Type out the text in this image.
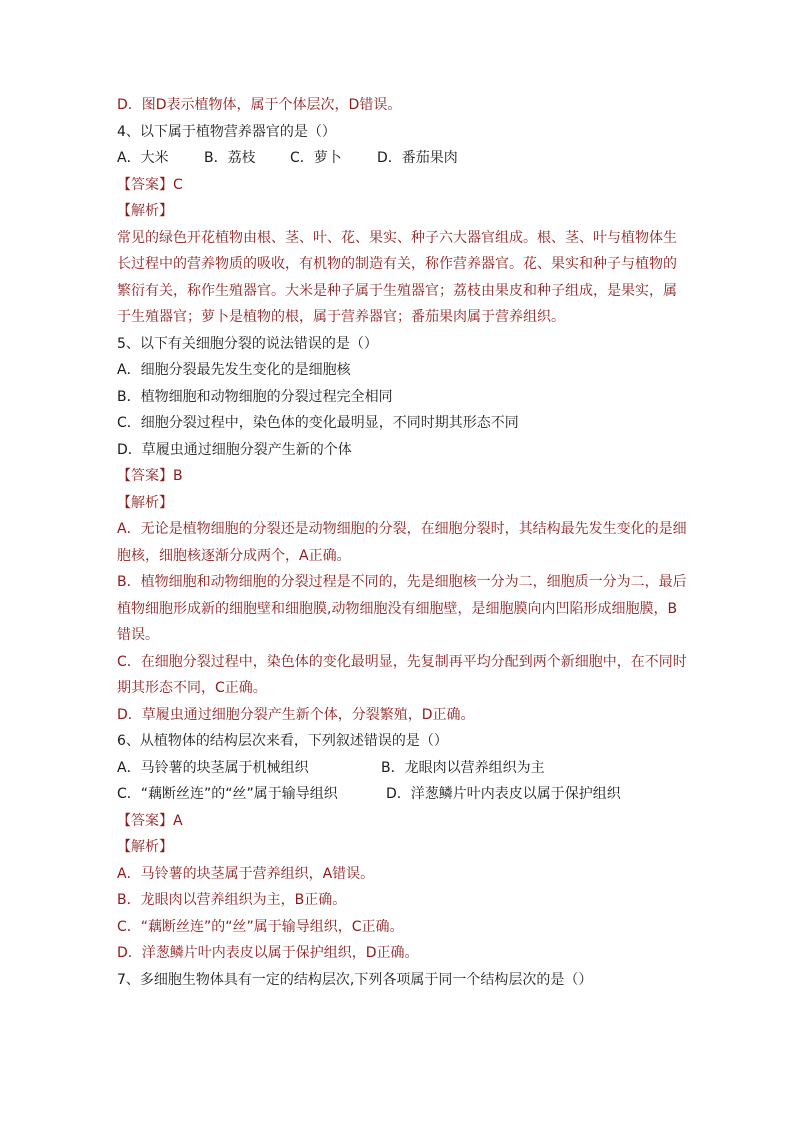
D．图D表示植物体，属于个体层次，D错误。
4、以下属于植物营养器官的是（）
A．大米	B．荔枝 C．萝卜	D．番茄果肉
【答案】C
【解析】
常见的绿色开花植物由根、茎、叶、花、果实、种子六大器官组成。根、茎、叶与植物体生长过程中的营养物质的吸收，有机物的制造有关，称作营养器官。花、果实和种子与植物的繁衍有关，称作生殖器官。大米是种子属于生殖器官；荔枝由果皮和种子组成，是果实，属于生殖器官；萝卜是植物的根，属于营养器官；番茄果肉属于营养组织。
5、以下有关细胞分裂的说法错误的是（）
A．细胞分裂最先发生变化的是细胞核
B．植物细胞和动物细胞的分裂过程完全相同
C．细胞分裂过程中，染色体的变化最明显，不同时期其形态不同
D．草履虫通过细胞分裂产生新的个体
【答案】B
【解析】
A．无论是植物细胞的分裂还是动物细胞的分裂，在细胞分裂时，其结构最先发生变化的是细胞核，细胞核逐渐分成两个，A正确。
B．植物细胞和动物细胞的分裂过程是不同的，先是细胞核一分为二，细胞质一分为二，最后植物细胞形成新的细胞壁和细胞膜,动物细胞没有细胞壁，是细胞膜向内凹陷形成细胞膜，B错误。
C．在细胞分裂过程中，染色体的变化最明显，先复制再平均分配到两个新细胞中，在不同时期其形态不同，C正确。
D．草履虫通过细胞分裂产生新个体，分裂繁殖，D正确。
6、从植物体的结构层次来看，下列叙述错误的是（）
A．马铃薯的块茎属于机械组织	B．龙眼肉以营养组织为主
C．“藕断丝连”的“丝”属于输导组织	D．洋葱鳞片叶内表皮以属于保护组织
【答案】A
【解析】
A．马铃薯的块茎属于营养组织，A错误。
B．龙眼肉以营养组织为主，B正确。
C．“藕断丝连”的“丝”属于输导组织，C正确。
D．洋葱鳞片叶内表皮以属于保护组织，D正确。
7、多细胞生物体具有一定的结构层次,下列各项属于同一个结构层次的是（）
